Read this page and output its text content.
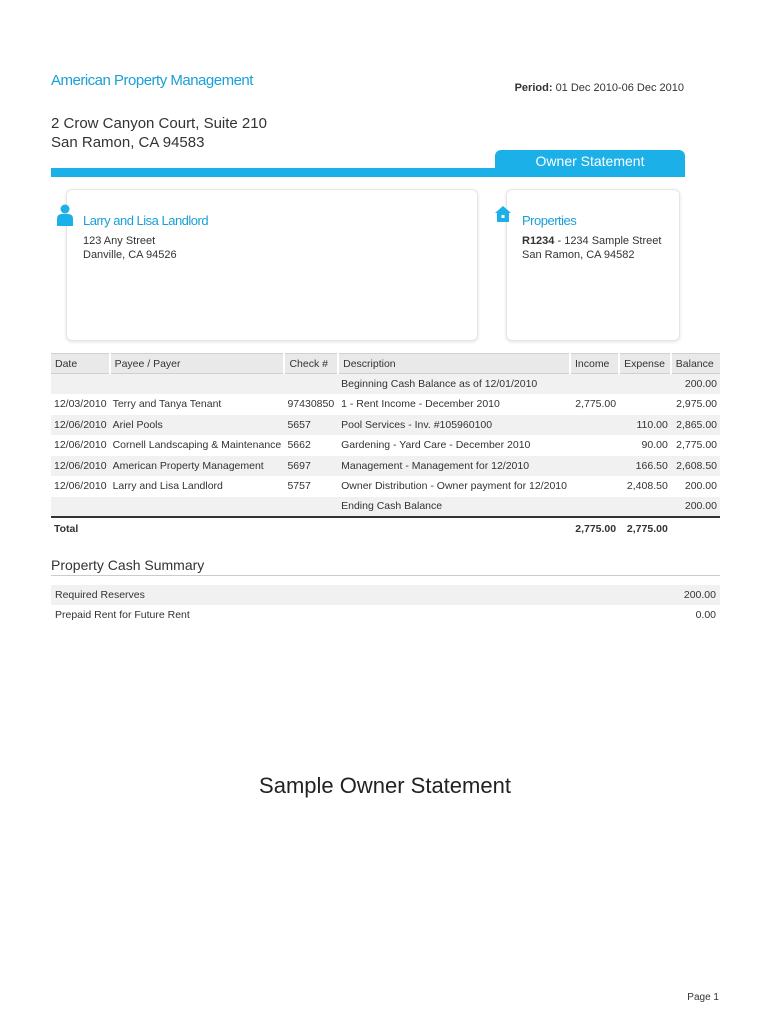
American Property Management	Period: 01 Dec 2010-06 Dec 2010
2 Crow Canyon Court, Suite 210
San Ramon, CA 94583
Owner Statement
Larry and Lisa Landlord
123 Any Street
Danville, CA 94526
Properties
R1234 - 1234 Sample Street
San Ramon, CA 94582
Date	Payee / Payer	Check #	Description	Income	Expense	Balance
			Beginning Cash Balance as of 12/01/2010			200.00
12/03/2010	Terry and Tanya Tenant	97430850	1 - Rent Income - December 2010	2,775.00		2,975.00
12/06/2010	Ariel Pools	5657	Pool Services - Inv. #105960100		110.00	2,865.00
12/06/2010	Cornell Landscaping & Maintenance	5662	Gardening - Yard Care - December 2010		90.00	2,775.00
12/06/2010	American Property Management	5697	Management - Management for 12/2010		166.50	2,608.50
12/06/2010	Larry and Lisa Landlord	5757	Owner Distribution - Owner payment for 12/2010		2,408.50	200.00
			Ending Cash Balance			200.00
Total				2,775.00	2,775.00	
Property Cash Summary
Required Reserves	200.00
Prepaid Rent for Future Rent	0.00
Sample Owner Statement
Page 1
